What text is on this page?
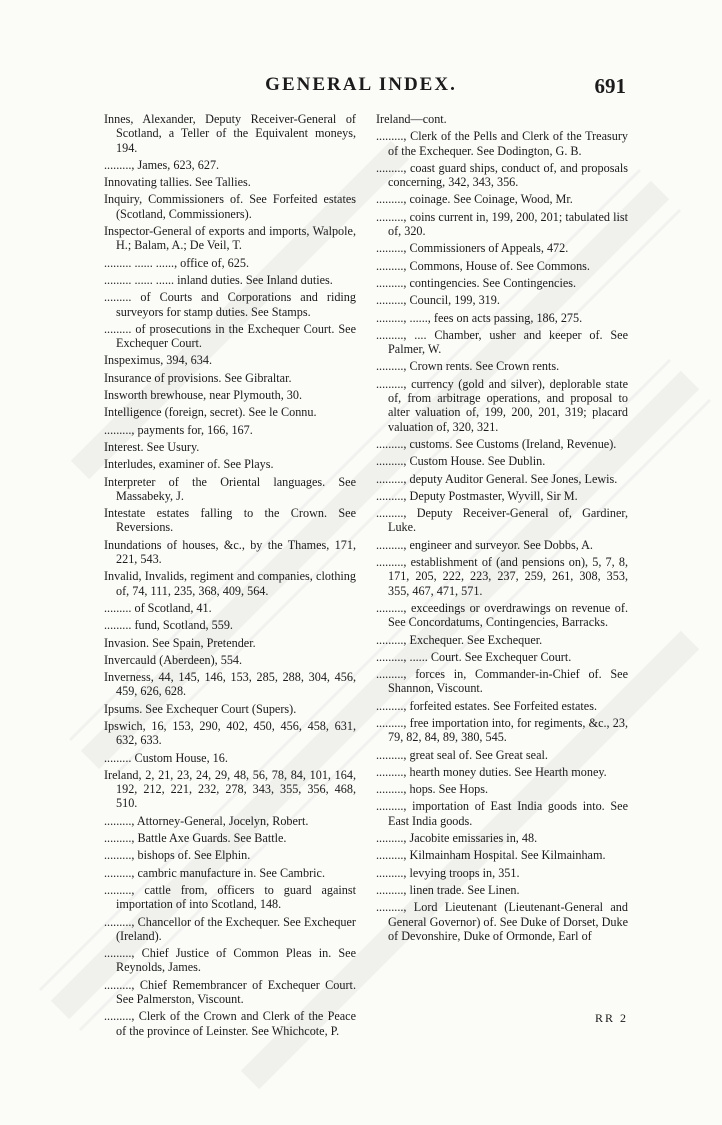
GENERAL INDEX.	691
Innes, Alexander, Deputy Receiver-General of Scotland, a Teller of the Equivalent moneys, 194.
........., James, 623, 627.
Innovating tallies. See Tallies.
Inquiry, Commissioners of. See Forfeited estates (Scotland, Commissioners).
Inspector-General of exports and imports, Walpole, H.; Balam, A.; De Veil, T.
......... ...... ......, office of, 625.
......... ...... ...... inland duties. See Inland duties.
......... of Courts and Corporations and riding surveyors for stamp duties. See Stamps.
......... of prosecutions in the Exchequer Court. See Exchequer Court.
Inspeximus, 394, 634.
Insurance of provisions. See Gibraltar.
Insworth brewhouse, near Plymouth, 30.
Intelligence (foreign, secret). See le Connu.
........., payments for, 166, 167.
Interest. See Usury.
Interludes, examiner of. See Plays.
Interpreter of the Oriental languages. See Massabeky, J.
Intestate estates falling to the Crown. See Reversions.
Inundations of houses, &c., by the Thames, 171, 221, 543.
Invalid, Invalids, regiment and companies, clothing of, 74, 111, 235, 368, 409, 564.
......... of Scotland, 41.
......... fund, Scotland, 559.
Invasion. See Spain, Pretender.
Invercauld (Aberdeen), 554.
Inverness, 44, 145, 146, 153, 285, 288, 304, 456, 459, 626, 628.
Ipsums. See Exchequer Court (Supers).
Ipswich, 16, 153, 290, 402, 450, 456, 458, 631, 632, 633.
......... Custom House, 16.
Ireland, 2, 21, 23, 24, 29, 48, 56, 78, 84, 101, 164, 192, 212, 221, 232, 278, 343, 355, 356, 468, 510.
........., Attorney-General, Jocelyn, Robert.
........., Battle Axe Guards. See Battle.
........., bishops of. See Elphin.
........., cambric manufacture in. See Cambric.
........., cattle from, officers to guard against importation of into Scotland, 148.
........., Chancellor of the Exchequer. See Exchequer (Ireland).
........., Chief Justice of Common Pleas in. See Reynolds, James.
........., Chief Remembrancer of Exchequer Court. See Palmerston, Viscount.
........., Clerk of the Crown and Clerk of the Peace of the province of Leinster. See Whichcote, P.
Ireland—cont.
........., Clerk of the Pells and Clerk of the Treasury of the Exchequer. See Dodington, G. B.
........., coast guard ships, conduct of, and proposals concerning, 342, 343, 356.
........., coinage. See Coinage, Wood, Mr.
........., coins current in, 199, 200, 201; tabulated list of, 320.
........., Commissioners of Appeals, 472.
........., Commons, House of. See Commons.
........., contingencies. See Contingencies.
........., Council, 199, 319.
........., ......, fees on acts passing, 186, 275.
........., .... Chamber, usher and keeper of. See Palmer, W.
........., Crown rents. See Crown rents.
........., currency (gold and silver), deplorable state of, from arbitrage operations, and proposal to alter valuation of, 199, 200, 201, 319; placard valuation of, 320, 321.
........., customs. See Customs (Ireland, Revenue).
........., Custom House. See Dublin.
........., deputy Auditor General. See Jones, Lewis.
........., Deputy Postmaster, Wyvill, Sir M.
........., Deputy Receiver-General of, Gardiner, Luke.
........., engineer and surveyor. See Dobbs, A.
........., establishment of (and pensions on), 5, 7, 8, 171, 205, 222, 223, 237, 259, 261, 308, 353, 355, 467, 471, 571.
........., exceedings or overdrawings on revenue of. See Concordatums, Contingencies, Barracks.
........., Exchequer. See Exchequer.
........., ...... Court. See Exchequer Court.
........., forces in, Commander-in-Chief of. See Shannon, Viscount.
........., forfeited estates. See Forfeited estates.
........., free importation into, for regiments, &c., 23, 79, 82, 84, 89, 380, 545.
........., great seal of. See Great seal.
........., hearth money duties. See Hearth money.
........., hops. See Hops.
........., importation of East India goods into. See East India goods.
........., Jacobite emissaries in, 48.
........., Kilmainham Hospital. See Kilmainham.
........., levying troops in, 351.
........., linen trade. See Linen.
........., Lord Lieutenant (Lieutenant-General and General Governor) of. See Duke of Dorset, Duke of Devonshire, Duke of Ormonde, Earl of
RR 2
